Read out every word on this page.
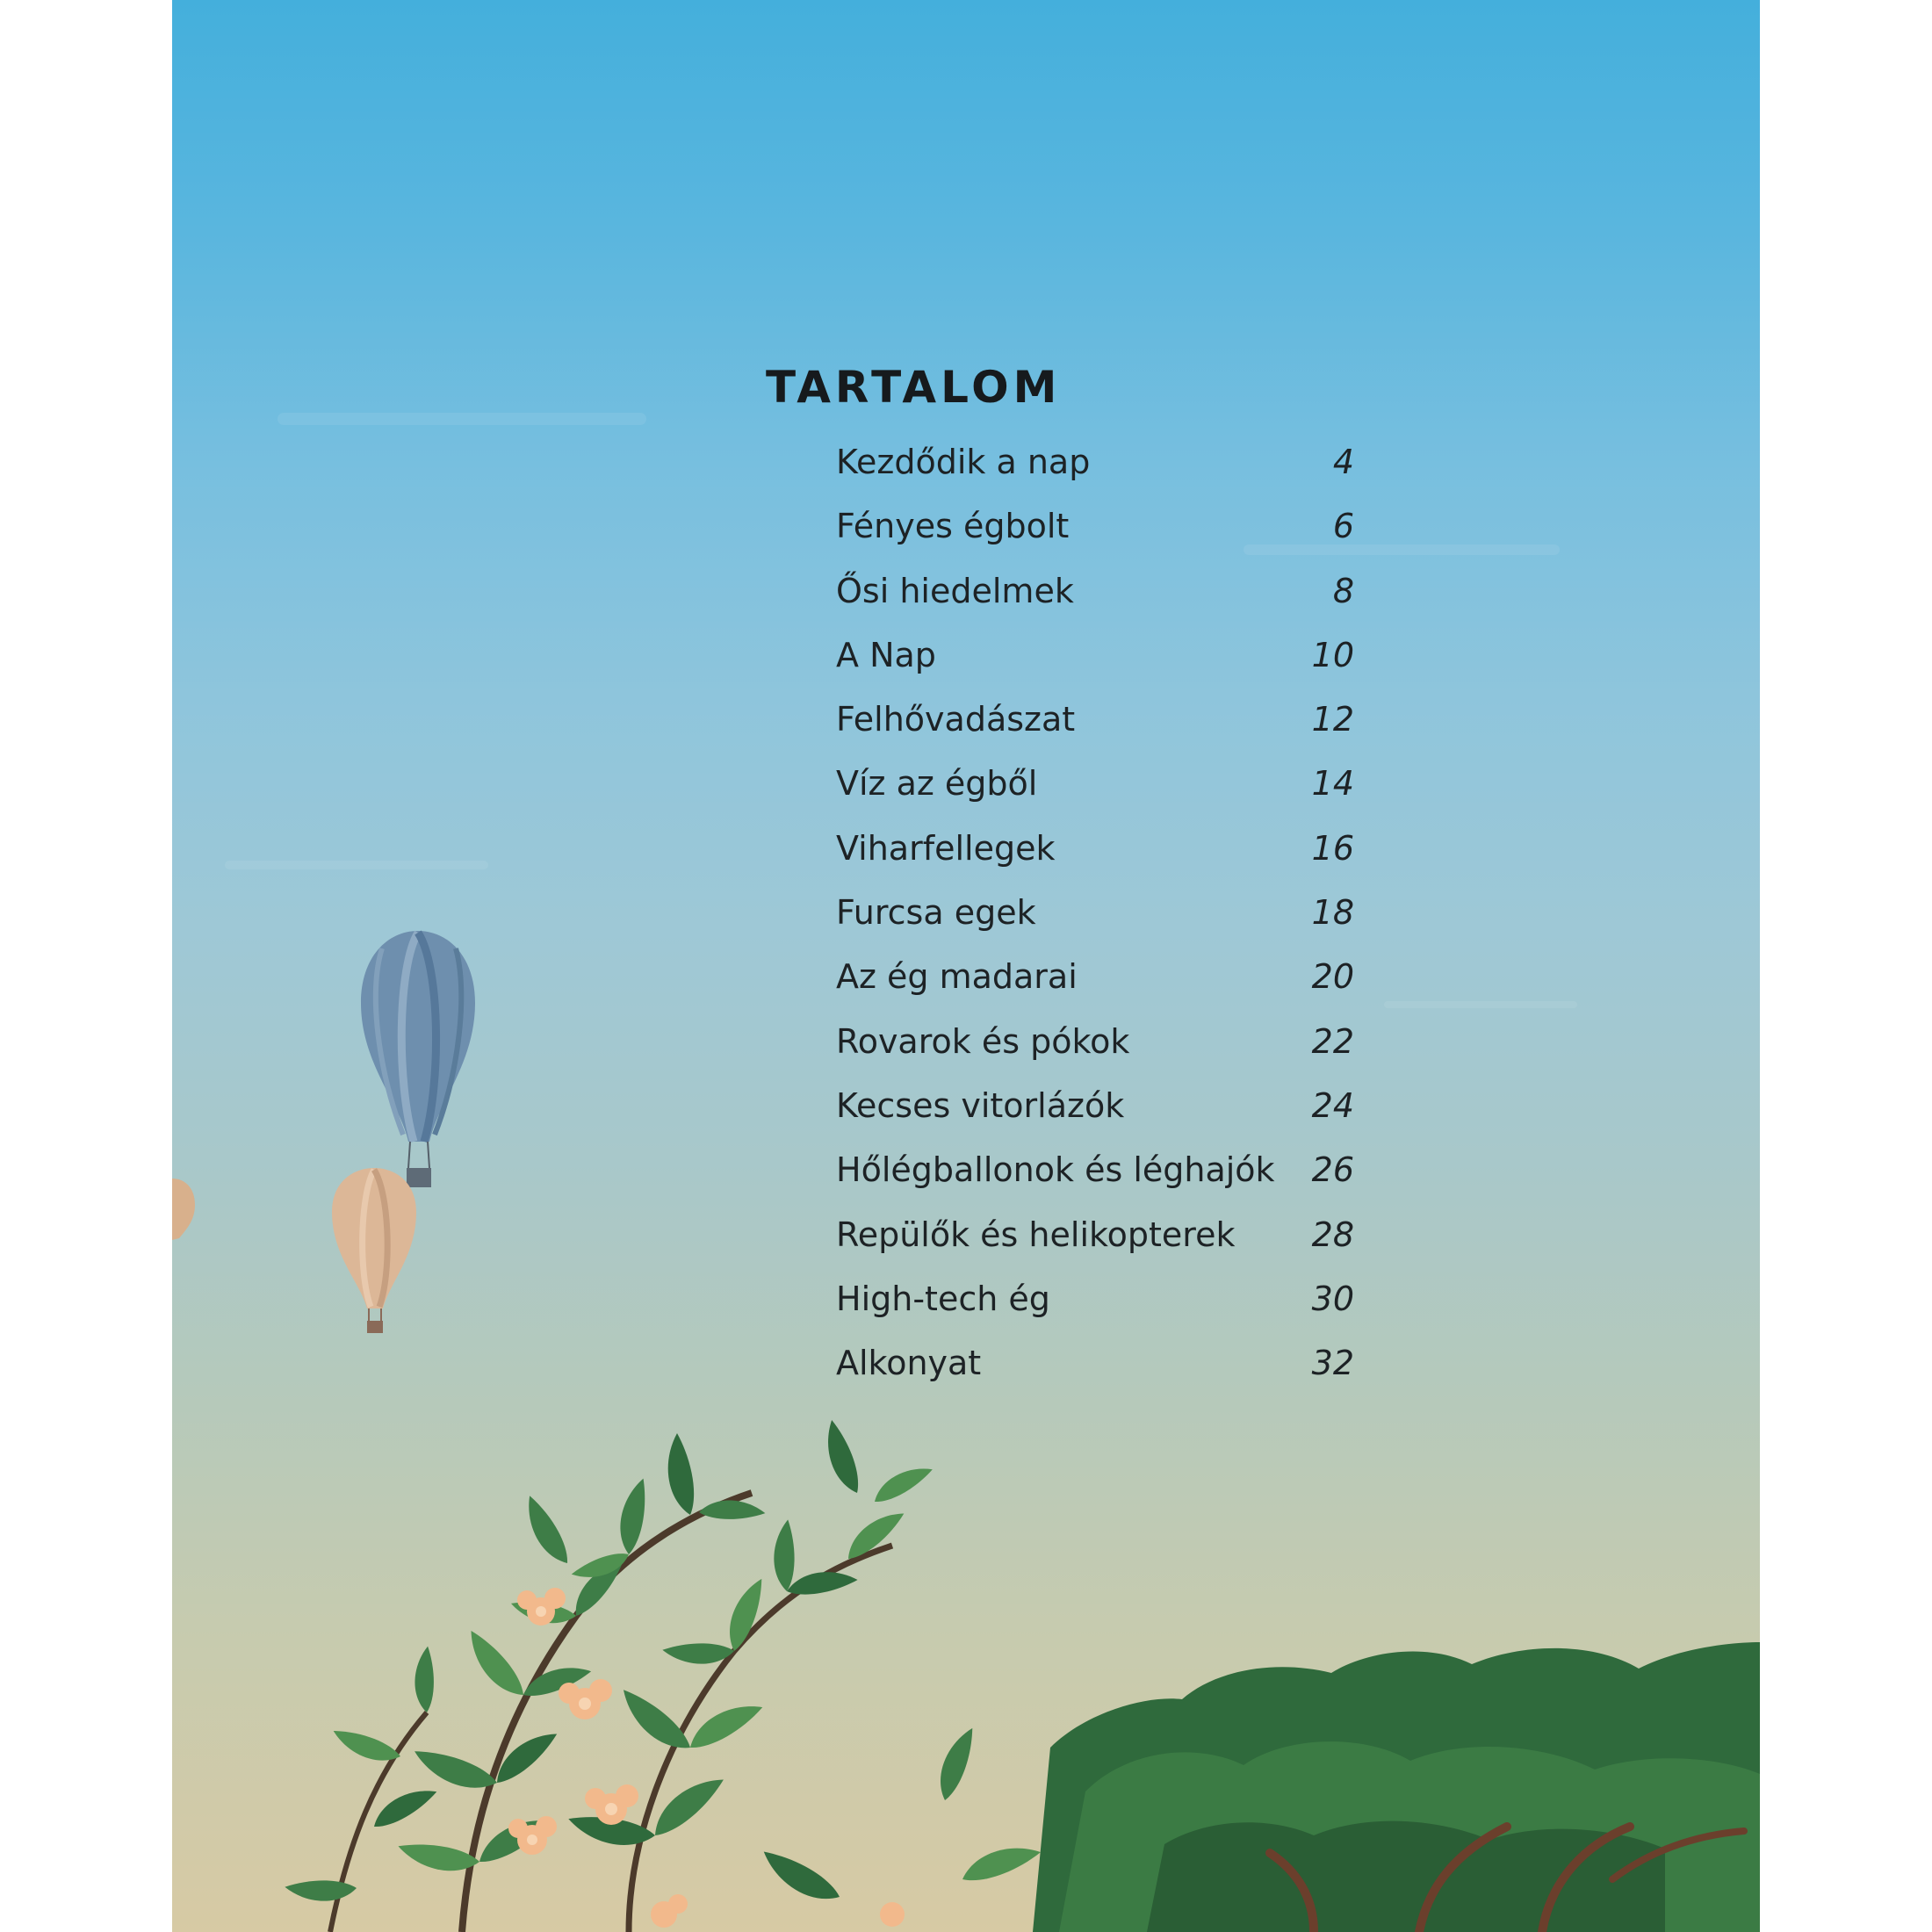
TARTALOM
Kezdődik a nap	4
Fényes égbolt	6
Ősi hiedelmek	8
A Nap	10
Felhővadászat	12
Víz az égből	14
Viharfellegek	16
Furcsa egek	18
Az ég madarai	20
Rovarok és pókok	22
Kecses vitorlázók	24
Hőlégballonok és léghajók 26
Repülők és helikopterek 28
High-tech ég	30
Alkonyat	32
